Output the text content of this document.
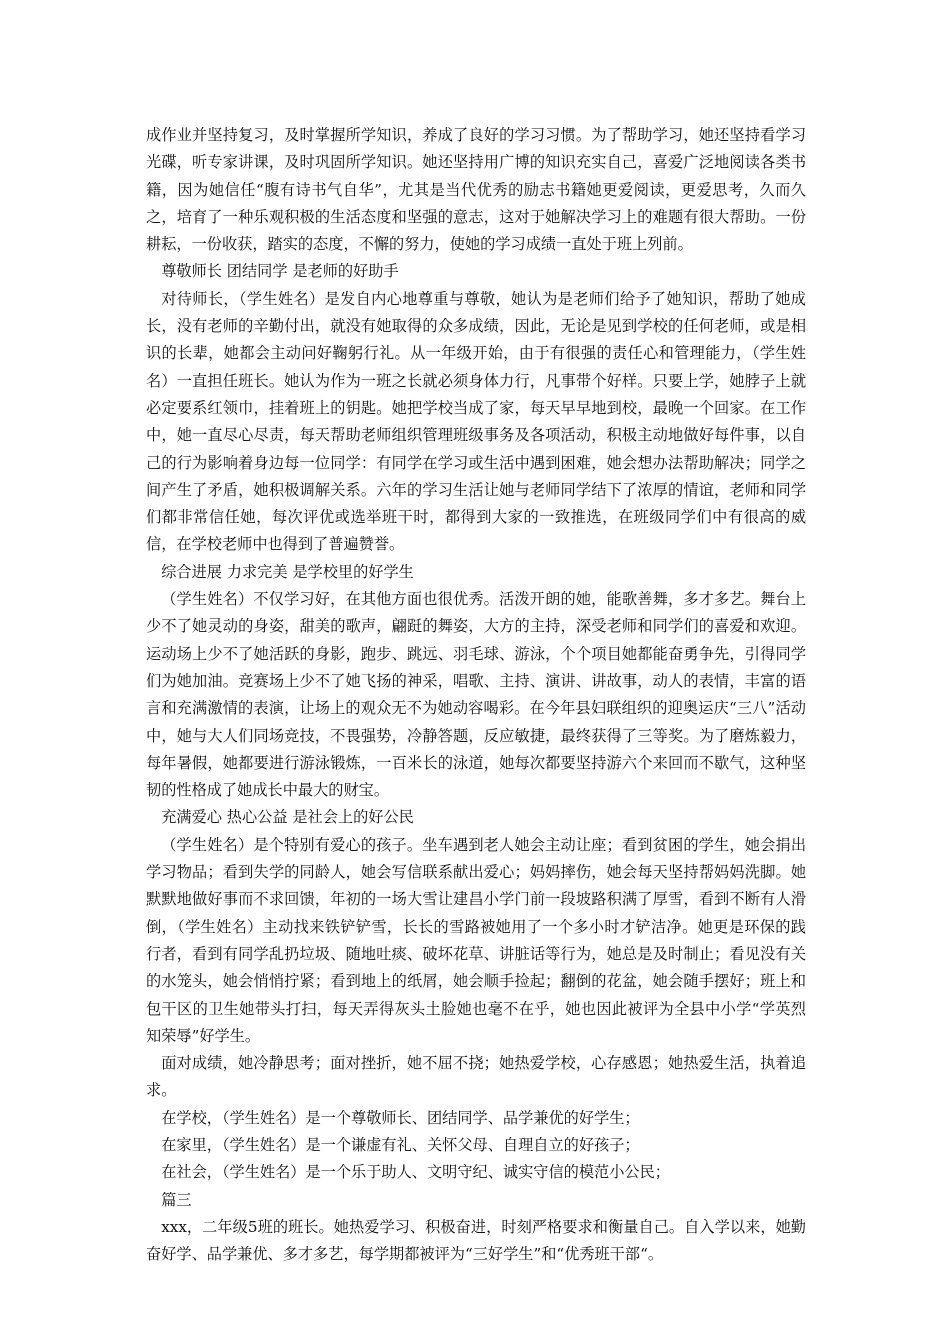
成作业并坚持复习，及时掌握所学知识，养成了良好的学习习惯。为了帮助学习，她还坚持看学习光碟，听专家讲课，及时巩固所学知识。她还坚持用广博的知识充实自己，喜爱广泛地阅读各类书籍，因为她信任“腹有诗书气自华”，尤其是当代优秀的励志书籍她更爱阅读，更爱思考，久而久之，培育了一种乐观积极的生活态度和坚强的意志，这对于她解决学习上的难题有很大帮助。一份耕耘，一份收获，踏实的态度，不懈的努力，使她的学习成绩一直处于班上列前。

尊敬师长 团结同学 是老师的好助手

对待师长，（学生姓名）是发自内心地尊重与尊敬，她认为是老师们给予了她知识，帮助了她成长，没有老师的辛勤付出，就没有她取得的众多成绩，因此，无论是见到学校的任何老师，或是相识的长辈，她都会主动问好鞠躬行礼。从一年级开始，由于有很强的责任心和管理能力，（学生姓名）一直担任班长。她认为作为一班之长就必须身体力行，凡事带个好样。只要上学，她脖子上就必定要系红领巾，挂着班上的钥匙。她把学校当成了家，每天早早地到校，最晚一个回家。在工作中，她一直尽心尽责，每天帮助老师组织管理班级事务及各项活动，积极主动地做好每件事，以自己的行为影响着身边每一位同学：有同学在学习或生活中遇到困难，她会想办法帮助解决；同学之间产生了矛盾，她积极调解关系。六年的学习生活让她与老师同学结下了浓厚的情谊，老师和同学们都非常信任她，每次评优或选举班干时，都得到大家的一致推选，在班级同学们中有很高的威信，在学校老师中也得到了普遍赞誉。

综合进展 力求完美 是学校里的好学生

（学生姓名）不仅学习好，在其他方面也很优秀。活泼开朗的她，能歌善舞，多才多艺。舞台上少不了她灵动的身姿，甜美的歌声，翩跹的舞姿，大方的主持，深受老师和同学们的喜爱和欢迎。运动场上少不了她活跃的身影，跑步、跳远、羽毛球、游泳，个个项目她都能奋勇争先，引得同学们为她加油。竞赛场上少不了她飞扬的神采，唱歌、主持、演讲、讲故事，动人的表情，丰富的语言和充满激情的表演，让场上的观众无不为她动容喝彩。在今年县妇联组织的迎奥运庆“三八”活动中，她与大人们同场竞技，不畏强势，冷静答题，反应敏捷，最终获得了三等奖。为了磨炼毅力，每年暑假，她都要进行游泳锻炼，一百米长的泳道，她每次都要坚持游六个来回而不歇气，这种坚韧的性格成了她成长中最大的财宝。

充满爱心 热心公益 是社会上的好公民

（学生姓名）是个特别有爱心的孩子。坐车遇到老人她会主动让座；看到贫困的学生，她会捐出学习物品；看到失学的同龄人，她会写信联系献出爱心；妈妈摔伤，她会每天坚持帮妈妈洗脚。她默默地做好事而不求回馈，年初的一场大雪让建昌小学门前一段坡路积满了厚雪，看到不断有人滑倒，（学生姓名）主动找来铁铲铲雪，长长的雪路被她用了一个多小时才铲洁净。她更是环保的践行者，看到有同学乱扔垃圾、随地吐痰、破坏花草、讲脏话等行为，她总是及时制止；看见没有关的水笼头，她会悄悄拧紧；看到地上的纸屑，她会顺手捡起；翻倒的花盆，她会随手摆好；班上和包干区的卫生她带头打扫，每天弄得灰头土脸她也毫不在乎，她也因此被评为全县中小学“学英烈知荣辱”好学生。

面对成绩，她冷静思考；面对挫折，她不屈不挠；她热爱学校，心存感恩；她热爱生活，执着追求。

在学校，（学生姓名）是一个尊敬师长、团结同学、品学兼优的好学生；

在家里，（学生姓名）是一个谦虚有礼、关怀父母、自理自立的好孩子；

在社会，（学生姓名）是一个乐于助人、文明守纪、诚实守信的模范小公民；

篇三

xxx，二年级5班的班长。她热爱学习、积极奋进，时刻严格要求和衡量自己。自入学以来，她勤奋好学、品学兼优、多才多艺，每学期都被评为“三好学生”和“优秀班干部“。
